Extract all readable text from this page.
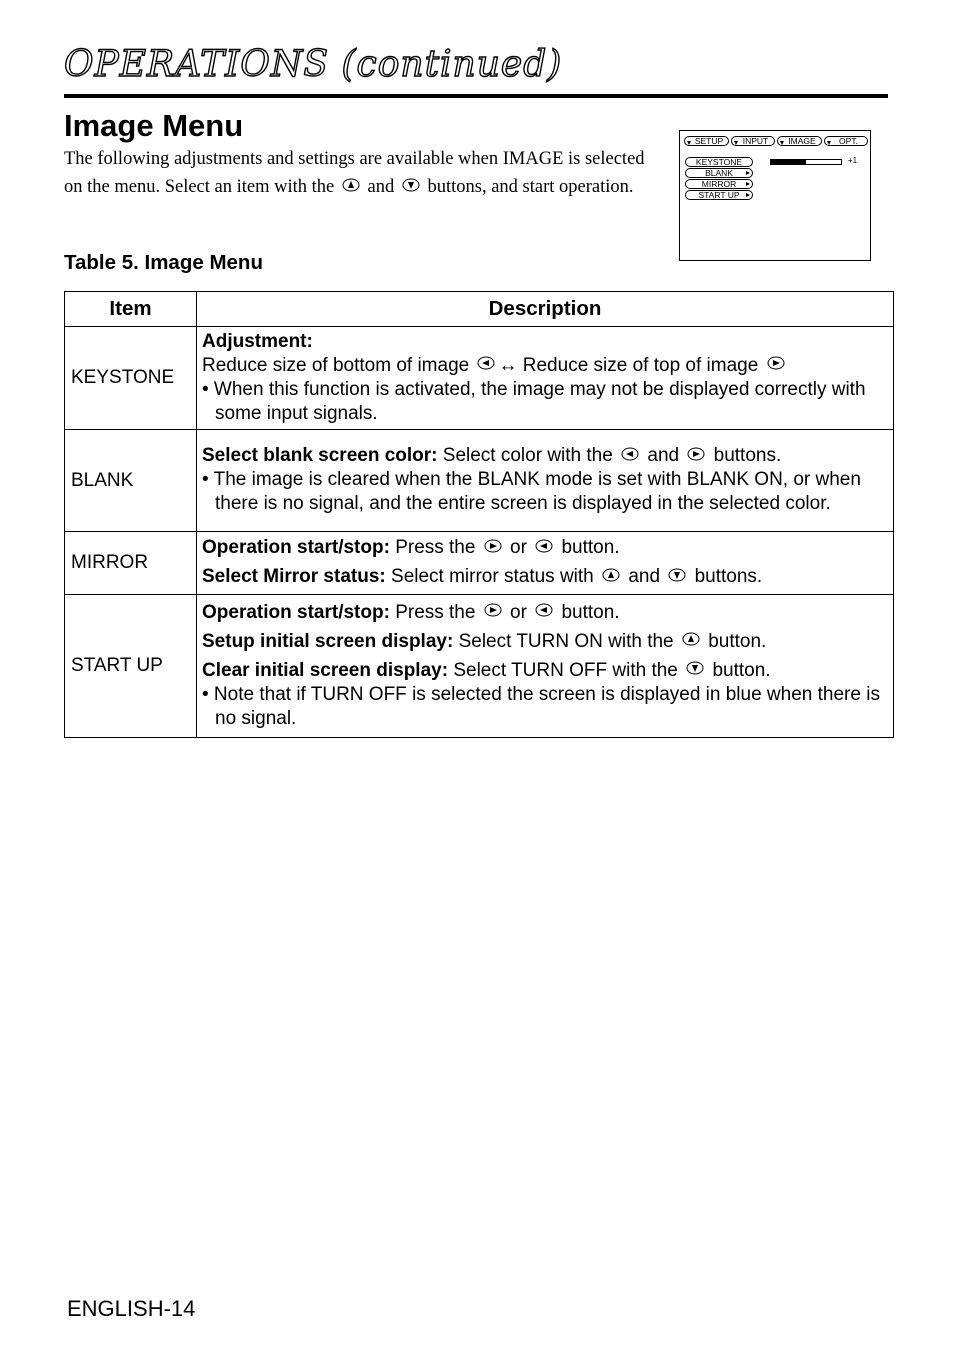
OPERATIONS (continued)
Image Menu
The following adjustments and settings are available when IMAGE is selected on the menu. Select an item with the and buttons, and start operation.
SETUP	INPUT	IMAGE	OPT.
KEYSTONE
BLANK
MIRROR
START UP
+1
Table 5. Image Menu
Item	Description
KEYSTONE	Adjustment:
Reduce size of bottom of image ↔ Reduce size of top of image
• When this function is activated, the image may not be displayed correctly with some input signals.

BLANK	Select blank screen color: Select color with the and buttons.
• The image is cleared when the BLANK mode is set with BLANK ON, or when there is no signal, and the entire screen is displayed in the selected color.

MIRROR	Operation start/stop: Press the or button.
Select Mirror status: Select mirror status with and buttons.

START UP	Operation start/stop: Press the or button.
Setup initial screen display: Select TURN ON with the button.
Clear initial screen display: Select TURN OFF with the button.
• Note that if TURN OFF is selected the screen is displayed in blue when there is no signal.
ENGLISH-14
